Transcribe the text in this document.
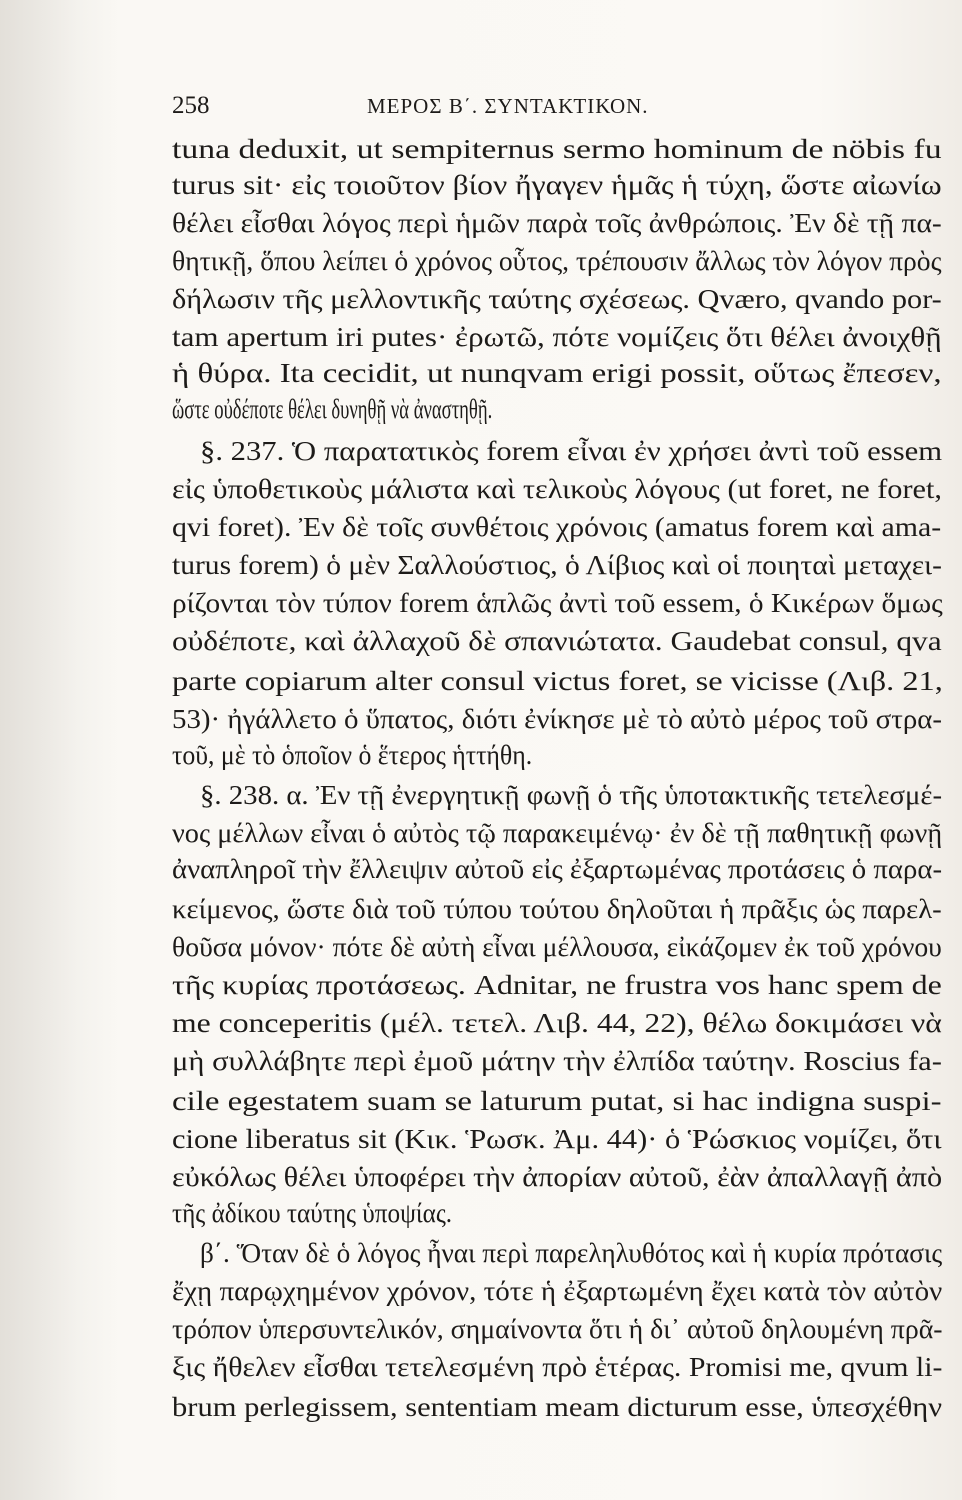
258	ΜΕΡΟΣ Β΄. ΣΥΝΤΑΚΤΙΚΟΝ.
tuna deduxit, ut sempiternus sermo hominum de nöbis fu
turus sit· εἰς τοιοῦτον βίον ἤγαγεν ἡμᾶς ἡ τύχη, ὥστε αἰωνίω
θέλει εἶσθαι λόγος περὶ ἡμῶν παρὰ τοῖς ἀνθρώποις. Ἐν δὲ τῇ πα-
θητικῇ, ὅπου λείπει ὁ χρόνος οὗτος, τρέπουσιν ἄλλως τὸν λόγον πρὸς
δήλωσιν τῆς μελλοντικῆς ταύτης σχέσεως. Qværo, qvando por-
tam apertum iri putes· ἐρωτῶ, πότε νομίζεις ὅτι θέλει ἀνοιχθῇ
ἡ θύρα. Ita cecidit, ut nunqvam erigi possit, οὕτως ἔπεσεν,
ὥστε οὐδέποτε θέλει δυνηθῇ νὰ ἀναστηθῇ.
§. 237. Ὁ παρατατικὸς forem εἶναι ἐν χρήσει ἀντὶ τοῦ essem
εἰς ὑποθετικοὺς μάλιστα καὶ τελικοὺς λόγους (ut foret, ne foret,
qvi foret). Ἐν δὲ τοῖς συνθέτοις χρόνοις (amatus forem καὶ ama-
turus forem) ὁ μὲν Σαλλούστιος, ὁ Λίβιος καὶ οἱ ποιηταὶ μεταχει-
ρίζονται τὸν τύπον forem ἁπλῶς ἀντὶ τοῦ essem, ὁ Κικέρων ὅμως
οὐδέποτε, καὶ ἀλλαχοῦ δὲ σπανιώτατα. Gaudebat consul, qva
parte copiarum alter consul victus foret, se vicisse (Λιβ. 21,
53)· ἠγάλλετο ὁ ὕπατος, διότι ἐνίκησε μὲ τὸ αὐτὸ μέρος τοῦ στρα-
τοῦ, μὲ τὸ ὁποῖον ὁ ἕτερος ἡττήθη.
§. 238. α. Ἐν τῇ ἐνεργητικῇ φωνῇ ὁ τῆς ὑποτακτικῆς τετελεσμέ-
νος μέλλων εἶναι ὁ αὐτὸς τῷ παρακειμένῳ· ἐν δὲ τῇ παθητικῇ φωνῇ
ἀναπληροῖ τὴν ἔλλειψιν αὐτοῦ εἰς ἐξαρτωμένας προτάσεις ὁ παρα-
κείμενος, ὥστε διὰ τοῦ τύπου τούτου δηλοῦται ἡ πρᾶξις ὡς παρελ-
θοῦσα μόνον· πότε δὲ αὐτὴ εἶναι μέλλουσα, εἰκάζομεν ἐκ τοῦ χρόνου
τῆς κυρίας προτάσεως. Adnitar, ne frustra vos hanc spem de
me conceperitis (μέλ. τετελ. Λιβ. 44, 22), θέλω δοκιμάσει νὰ
μὴ συλλάβητε περὶ ἐμοῦ μάτην τὴν ἐλπίδα ταύτην. Roscius fa-
cile egestatem suam se laturum putat, si hac indigna suspi-
cione liberatus sit (Κικ. Ῥωσκ. Ἀμ. 44)· ὁ Ῥώσκιος νομίζει, ὅτι
εὐκόλως θέλει ὑποφέρει τὴν ἀπορίαν αὐτοῦ, ἐὰν ἀπαλλαγῇ ἀπὸ
τῆς ἀδίκου ταύτης ὑποψίας.
β΄. Ὅταν δὲ ὁ λόγος ἦναι περὶ παρεληλυθότος καὶ ἡ κυρία πρότασις
ἔχῃ παρῳχημένον χρόνον, τότε ἡ ἐξαρτωμένη ἔχει κατὰ τὸν αὐτὸν
τρόπον ὑπερσυντελικόν, σημαίνοντα ὅτι ἡ δι᾽ αὐτοῦ δηλουμένη πρᾶ-
ξις ἤθελεν εἶσθαι τετελεσμένη πρὸ ἑτέρας. Promisi me, qvum li-
brum perlegissem, sententiam meam dicturum esse, ὑπεσχέθην
